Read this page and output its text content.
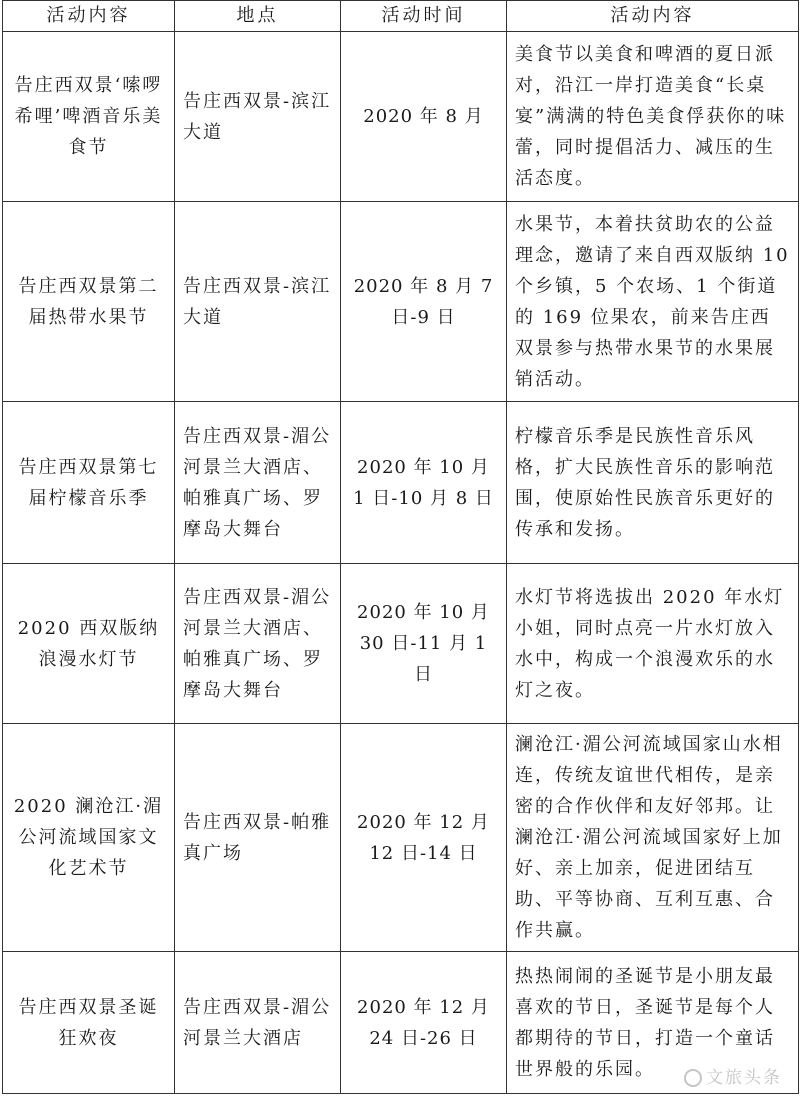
活动内容	地点	活动时间	活动内容
告庄西双景‘嗦啰希哩’啤酒音乐美食节	告庄西双景-滨江大道	2020 年 8 月	美食节以美食和啤酒的夏日派对，沿江一岸打造美食“长桌宴”满满的特色美食俘获你的味蕾，同时提倡活力、减压的生活态度。
告庄西双景第二届热带水果节	告庄西双景-滨江大道	2020 年 8 月 7 日-9 日	水果节，本着扶贫助农的公益理念，邀请了来自西双版纳 10 个乡镇，5 个农场、1 个街道的 169 位果农，前来告庄西双景参与热带水果节的水果展销活动。
告庄西双景第七届柠檬音乐季	告庄西双景-湄公河景兰大酒店、帕雅真广场、罗摩岛大舞台	2020 年 10 月 1 日-10 月 8 日	柠檬音乐季是民族性音乐风格，扩大民族性音乐的影响范围，使原始性民族音乐更好的传承和发扬。
2020 西双版纳浪漫水灯节	告庄西双景-湄公河景兰大酒店、帕雅真广场、罗摩岛大舞台	2020 年 10 月 30 日-11 月 1 日	水灯节将选拔出 2020 年水灯小姐，同时点亮一片水灯放入水中，构成一个浪漫欢乐的水灯之夜。
2020 澜沧江·湄公河流域国家文化艺术节	告庄西双景-帕雅真广场	2020 年 12 月 12 日-14 日	澜沧江·湄公河流域国家山水相连，传统友谊世代相传，是亲密的合作伙伴和友好邻邦。让澜沧江·湄公河流域国家好上加好、亲上加亲，促进团结互助、平等协商、互利互惠、合作共赢。
告庄西双景圣诞狂欢夜	告庄西双景-湄公河景兰大酒店	2020 年 12 月 24 日-26 日	热热闹闹的圣诞节是小朋友最喜欢的节日，圣诞节是每个人都期待的节日，打造一个童话世界般的乐园。	文旅头条
